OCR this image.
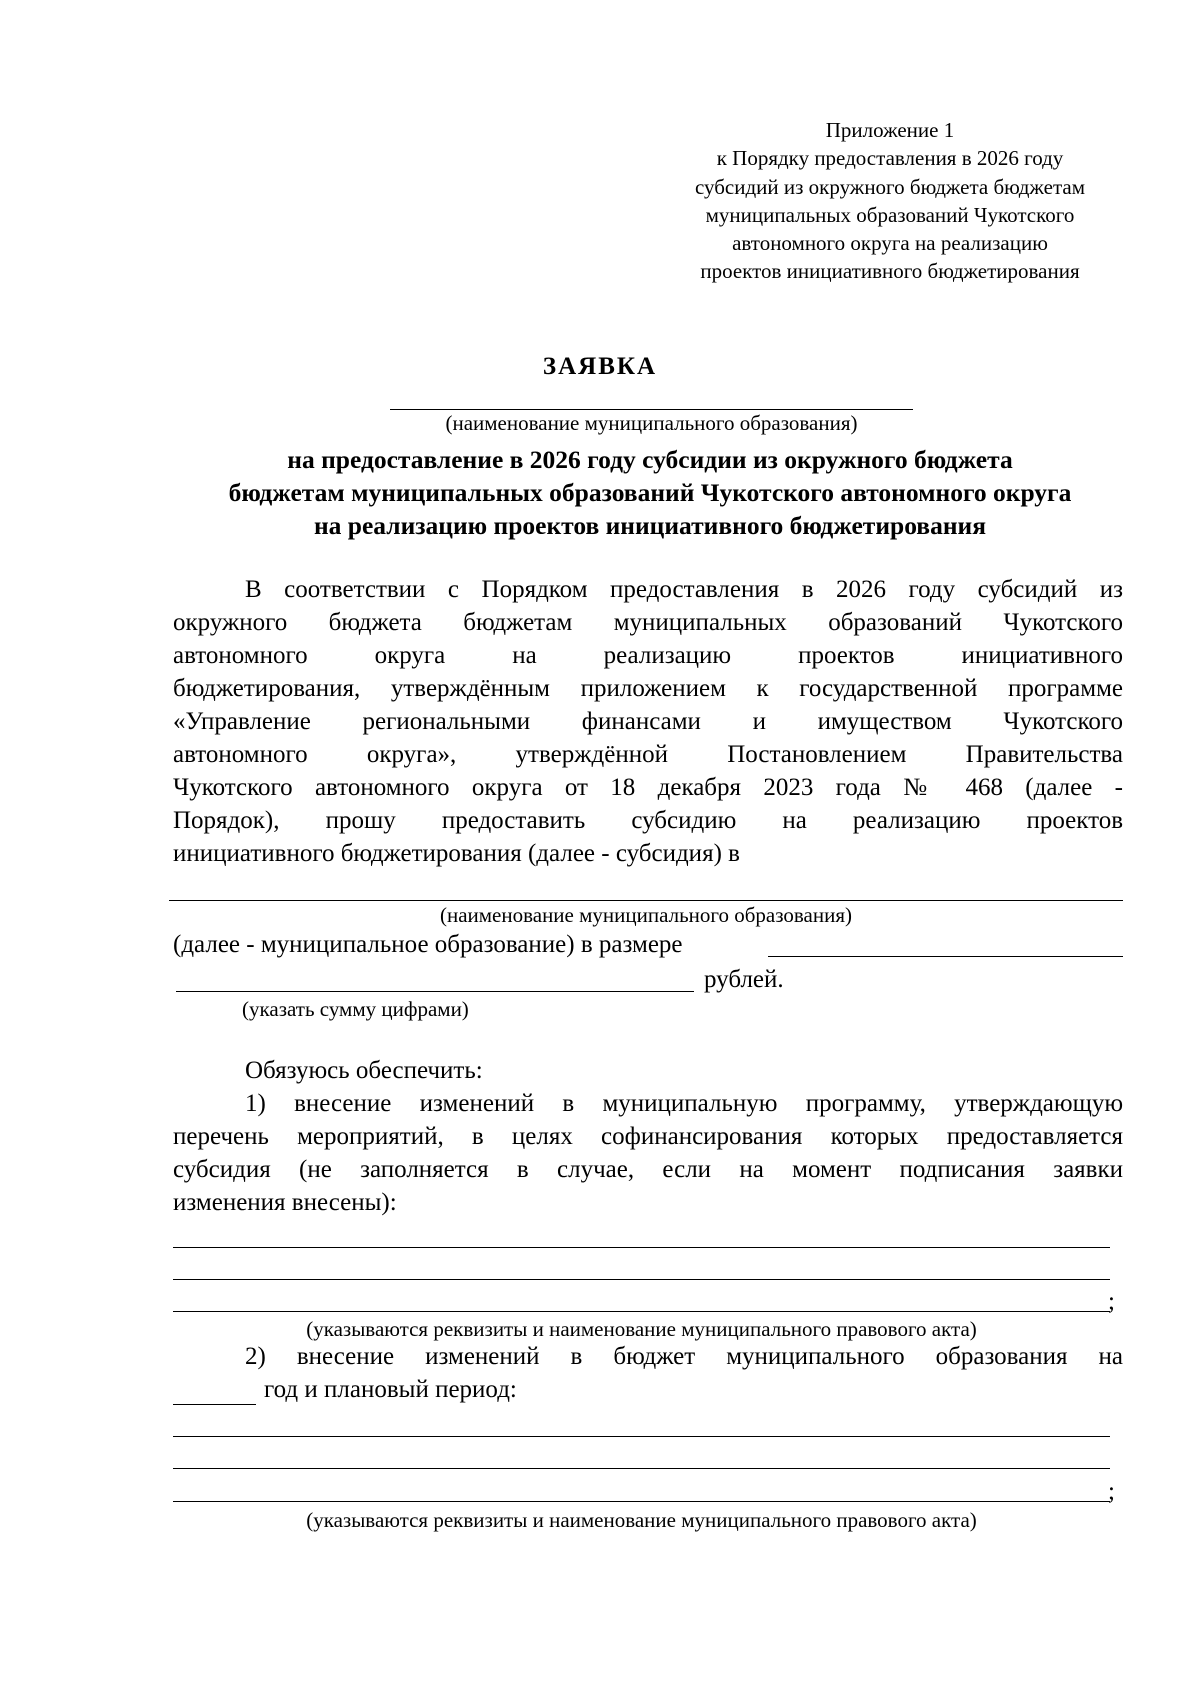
Приложение 1
к Порядку предоставления в 2026 году
субсидий из окружного бюджета бюджетам
муниципальных образований Чукотского
автономного округа на реализацию
проектов инициативного бюджетирования
ЗАЯВКА
(наименование муниципального образования)
на предоставление в 2026 году субсидии из окружного бюджета
бюджетам муниципальных образований Чукотского автономного округа
на реализацию проектов инициативного бюджетирования
В соответствии с Порядком предоставления в 2026 году субсидий из
окружного бюджета бюджетам муниципальных образований Чукотского
автономного округа на реализацию проектов инициативного
бюджетирования, утверждённым приложением к государственной программе
«Управление региональными финансами и имуществом Чукотского
автономного округа», утверждённой Постановлением Правительства
Чукотского автономного округа от 18 декабря 2023 года № 468 (далее -
Порядок), прошу предоставить субсидию на реализацию проектов
инициативного бюджетирования (далее - субсидия) в
(наименование муниципального образования)
(далее - муниципальное образование) в размере
рублей.
(указать сумму цифрами)
Обязуюсь обеспечить:
1) внесение изменений в муниципальную программу, утверждающую
перечень мероприятий, в целях софинансирования которых предоставляется
субсидия (не заполняется в случае, если на момент подписания заявки
изменения внесены):
;
(указываются реквизиты и наименование муниципального правового акта)
2) внесение изменений в бюджет муниципального образования на
год и плановый период:
;
(указываются реквизиты и наименование муниципального правового акта)
